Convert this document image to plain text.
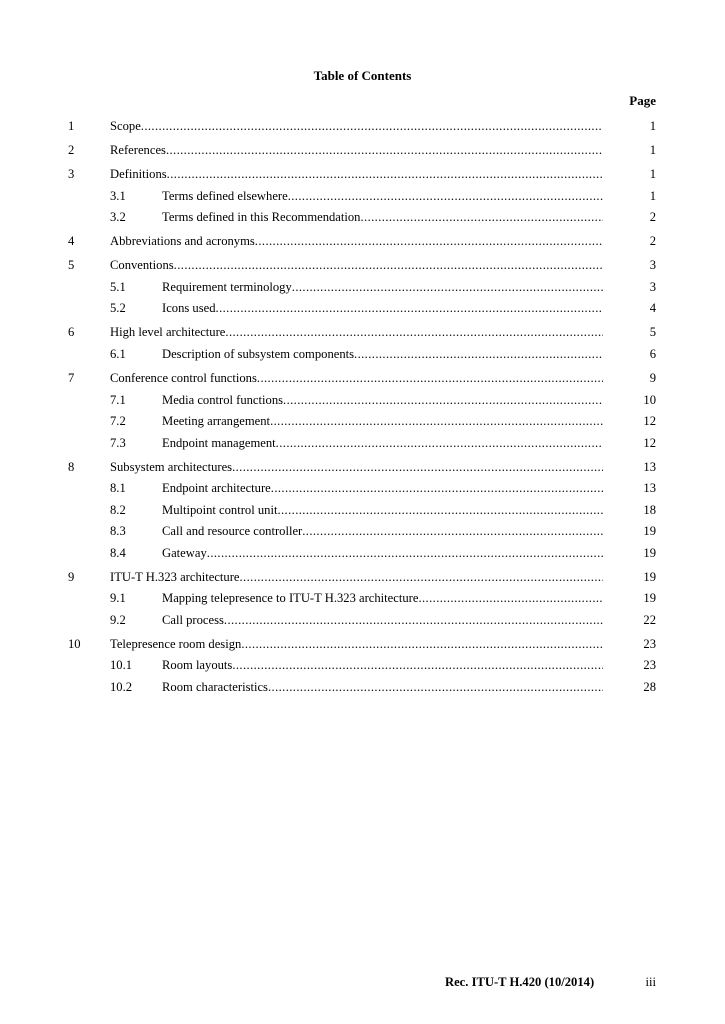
Table of Contents
Page
1	Scope .....	1
2	References .....	1
3	Definitions .....	1
3.1	Terms defined elsewhere .....	1
3.2	Terms defined in this Recommendation .....	2
4	Abbreviations and acronyms .....	2
5	Conventions .....	3
5.1	Requirement terminology .....	3
5.2	Icons used .....	4
6	High level architecture .....	5
6.1	Description of subsystem components .....	6
7	Conference control functions .....	9
7.1	Media control functions .....	10
7.2	Meeting arrangement .....	12
7.3	Endpoint management .....	12
8	Subsystem architectures .....	13
8.1	Endpoint architecture .....	13
8.2	Multipoint control unit .....	18
8.3	Call and resource controller .....	19
8.4	Gateway .....	19
9	ITU-T H.323 architecture .....	19
9.1	Mapping telepresence to ITU-T H.323 architecture .....	19
9.2	Call process .....	22
10	Telepresence room design .....	23
10.1	Room layouts .....	23
10.2	Room characteristics .....	28
Rec. ITU-T H.420 (10/2014)	iii
